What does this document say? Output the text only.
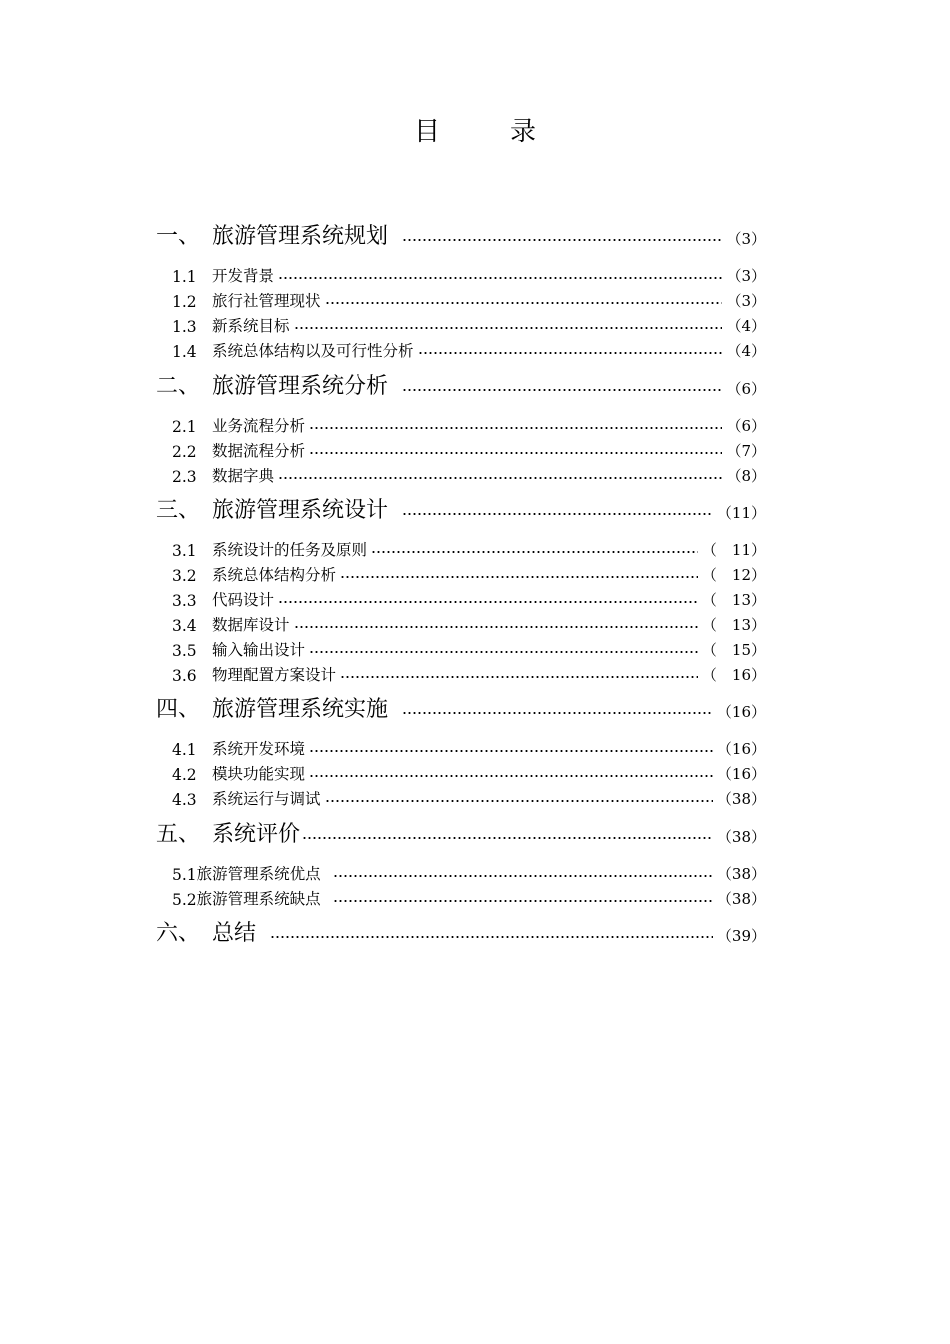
目	录
一、 旅游管理系统规划	（3）
1.1 开发背景	（3）
1.2 旅行社管理现状	（3）
1.3 新系统目标	（4）
1.4 系统总体结构以及可行性分析	（4）
二、 旅游管理系统分析	（6）
2.1 业务流程分析	（6）
2.2 数据流程分析	（7）
2.3 数据字典	（8）
三、 旅游管理系统设计	（11）
3.1 系统设计的任务及原则	（　11）
3.2 系统总体结构分析	（　12）
3.3 代码设计	（　13）
3.4 数据库设计	（　13）
3.5 输入输出设计	（　15）
3.6 物理配置方案设计	（　16）
四、 旅游管理系统实施	（16）
4.1 系统开发环境	（16）
4.2 模块功能实现	（16）
4.3 系统运行与调试	（38）
五、 系统评价	（38）
5.1 旅游管理系统优点	（38）
5.2 旅游管理系统缺点	（38）
六、 总结	（39）
